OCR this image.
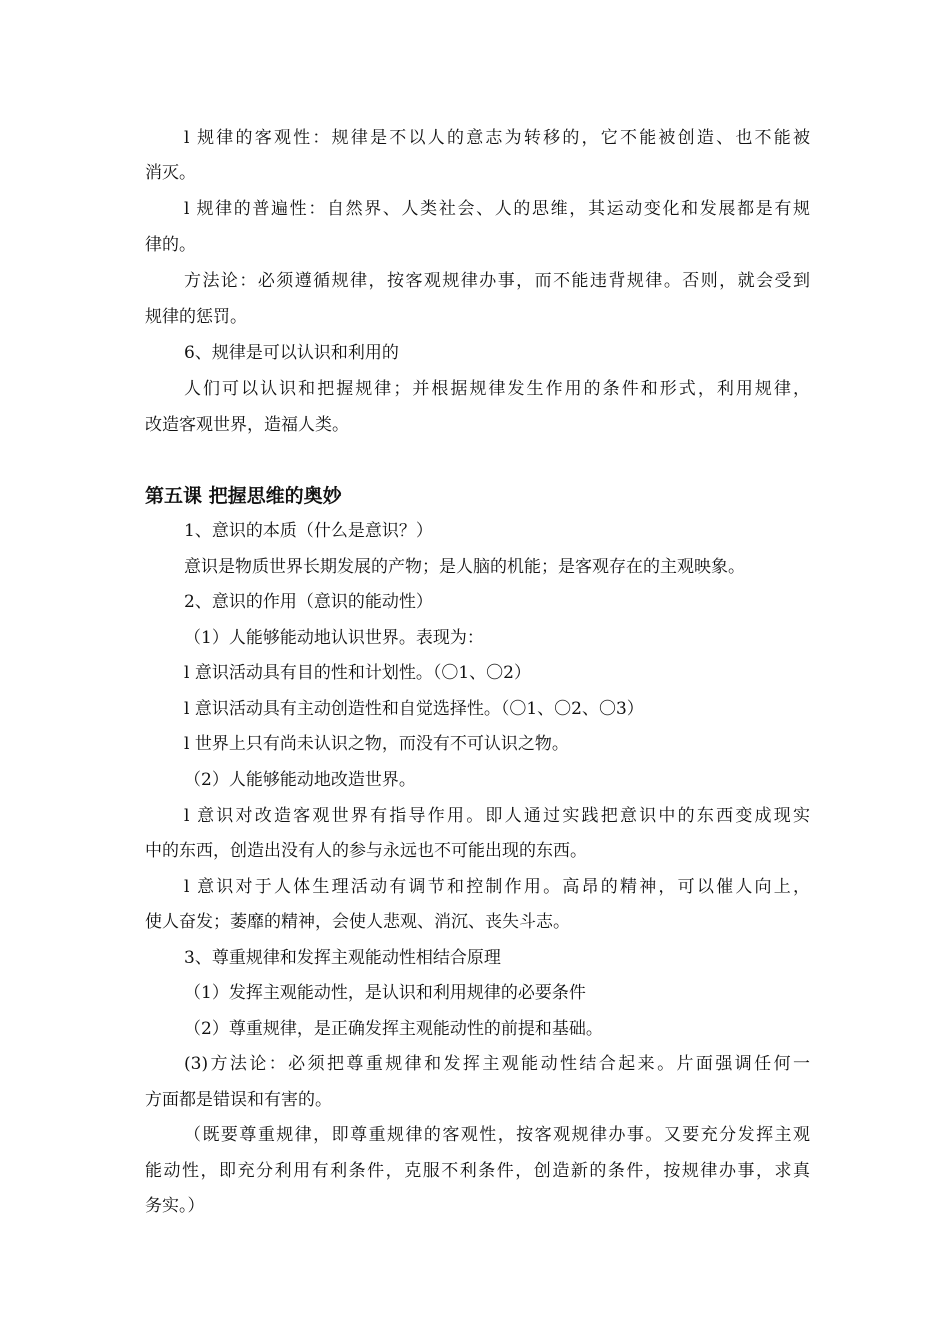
l 规律的客观性：规律是不以人的意志为转移的，它不能被创造、也不能被
消灭。
l 规律的普遍性：自然界、人类社会、人的思维，其运动变化和发展都是有规
律的。
方法论：必须遵循规律，按客观规律办事，而不能违背规律。否则，就会受到
规律的惩罚。
6、规律是可以认识和利用的
人们可以认识和把握规律；并根据规律发生作用的条件和形式，利用规律，
改造客观世界，造福人类。
第五课 把握思维的奥妙
1、意识的本质（什么是意识？）
意识是物质世界长期发展的产物；是人脑的机能；是客观存在的主观映象。
2、意识的作用（意识的能动性）
（1）人能够能动地认识世界。表现为：
l 意识活动具有目的性和计划性。（〇1、〇2）
l 意识活动具有主动创造性和自觉选择性。（〇1、〇2、〇3）
l 世界上只有尚未认识之物，而没有不可认识之物。
（2）人能够能动地改造世界。
l 意识对改造客观世界有指导作用。即人通过实践把意识中的东西变成现实
中的东西，创造出没有人的参与永远也不可能出现的东西。
l 意识对于人体生理活动有调节和控制作用。高昂的精神，可以催人向上，
使人奋发；萎靡的精神，会使人悲观、消沉、丧失斗志。
3、尊重规律和发挥主观能动性相结合原理
（1）发挥主观能动性，是认识和利用规律的必要条件
（2）尊重规律，是正确发挥主观能动性的前提和基础。
(3)方法论：必须把尊重规律和发挥主观能动性结合起来。片面强调任何一
方面都是错误和有害的。
（既要尊重规律，即尊重规律的客观性，按客观规律办事。又要充分发挥主观
能动性，即充分利用有利条件，克服不利条件，创造新的条件，按规律办事，求真
务实。）
